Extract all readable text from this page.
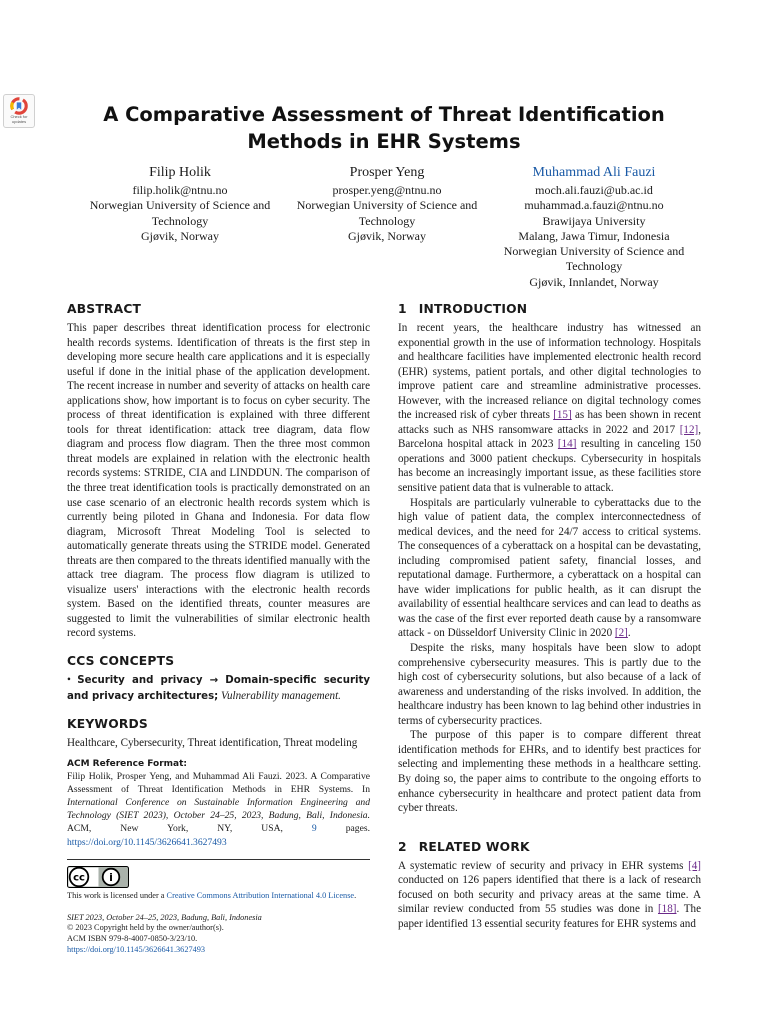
Check for
updates	A Comparative Assessment of Threat Identification Methods in EHR Systems
Filip Holik
filip.holik@ntnu.no
Norwegian University of Science and Technology
Gjøvik, Norway
Prosper Yeng
prosper.yeng@ntnu.no
Norwegian University of Science and Technology
Gjøvik, Norway
Muhammad Ali Fauzi
moch.ali.fauzi@ub.ac.id
muhammad.a.fauzi@ntnu.no
Brawijaya University
Malang, Jawa Timur, Indonesia
Norwegian University of Science and Technology
Gjøvik, Innlandet, Norway
ABSTRACT

This paper describes threat identification process for electronic health records systems. Identification of threats is the first step in developing more secure health care applications and it is especially useful if done in the initial phase of the application development. The recent increase in number and severity of attacks on health care applications show, how important is to focus on cyber security. The process of threat identification is explained with three different tools for threat identification: attack tree diagram, data flow diagram and process flow diagram. Then the three most common threat models are explained in relation with the electronic health records systems: STRIDE, CIA and LINDDUN. The comparison of the three treat identification tools is practically demonstrated on an use case scenario of an electronic health records system which is currently being piloted in Ghana and Indonesia. For data flow diagram, Microsoft Threat Modeling Tool is selected to automatically generate threats using the STRIDE model. Generated threats are then compared to the threats identified manually with the attack tree diagram. The process flow diagram is utilized to visualize users' interactions with the electronic health records system. Based on the identified threats, counter measures are suggested to limit the vulnerabilities of similar electronic health record systems.

CCS CONCEPTS
• Security and privacy → Domain-specific security and privacy architectures; Vulnerability management.
KEYWORDS

Healthcare, Cybersecurity, Threat identification, Threat modeling

ACM Reference Format:

Filip Holik, Prosper Yeng, and Muhammad Ali Fauzi. 2023. A Comparative Assessment of Threat Identification Methods in EHR Systems. In International Conference on Sustainable Information Engineering and Technology (SIET 2023), October 24–25, 2023, Badung, Bali, Indonesia. ACM, New York, NY, USA, 9 pages. https://doi.org/10.1145/3626641.3627493

cc i

This work is licensed under a Creative Commons Attribution International 4.0 License.

SIET 2023, October 24–25, 2023, Badung, Bali, Indonesia

© 2023 Copyright held by the owner/author(s).

ACM ISBN 979-8-4007-0850-3/23/10.

https://doi.org/10.1145/3626641.3627493

1 INTRODUCTION

In recent years, the healthcare industry has witnessed an exponential growth in the use of information technology. Hospitals and healthcare facilities have implemented electronic health record (EHR) systems, patient portals, and other digital technologies to improve patient care and streamline administrative processes. However, with the increased reliance on digital technology comes the increased risk of cyber threats [15] as has been shown in recent attacks such as NHS ransomware attacks in 2022 and 2017 [12], Barcelona hospital attack in 2023 [14] resulting in canceling 150 operations and 3000 patient checkups. Cybersecurity in hospitals has become an increasingly important issue, as these facilities store sensitive patient data that is vulnerable to attack.

Hospitals are particularly vulnerable to cyberattacks due to the high value of patient data, the complex interconnectedness of medical devices, and the need for 24/7 access to critical systems. The consequences of a cyberattack on a hospital can be devastating, including compromised patient safety, financial losses, and reputational damage. Furthermore, a cyberattack on a hospital can have wider implications for public health, as it can disrupt the availability of essential healthcare services and can lead to deaths as was the case of the first ever reported death cause by a ransomware attack - on Düsseldorf University Clinic in 2020 [2].

Despite the risks, many hospitals have been slow to adopt comprehensive cybersecurity measures. This is partly due to the high cost of cybersecurity solutions, but also because of a lack of awareness and understanding of the risks involved. In addition, the healthcare industry has been known to lag behind other industries in terms of cybersecurity practices.

The purpose of this paper is to compare different threat identification methods for EHRs, and to identify best practices for selecting and implementing these methods in a healthcare setting. By doing so, the paper aims to contribute to the ongoing efforts to enhance cybersecurity in healthcare and protect patient data from cyber threats.

2 RELATED WORK

A systematic review of security and privacy in EHR systems [4] conducted on 126 papers identified that there is a lack of research focused on both security and privacy areas at the same time. A similar review conducted from 55 studies was done in [18]. The paper identified 13 essential security features for EHR systems and
